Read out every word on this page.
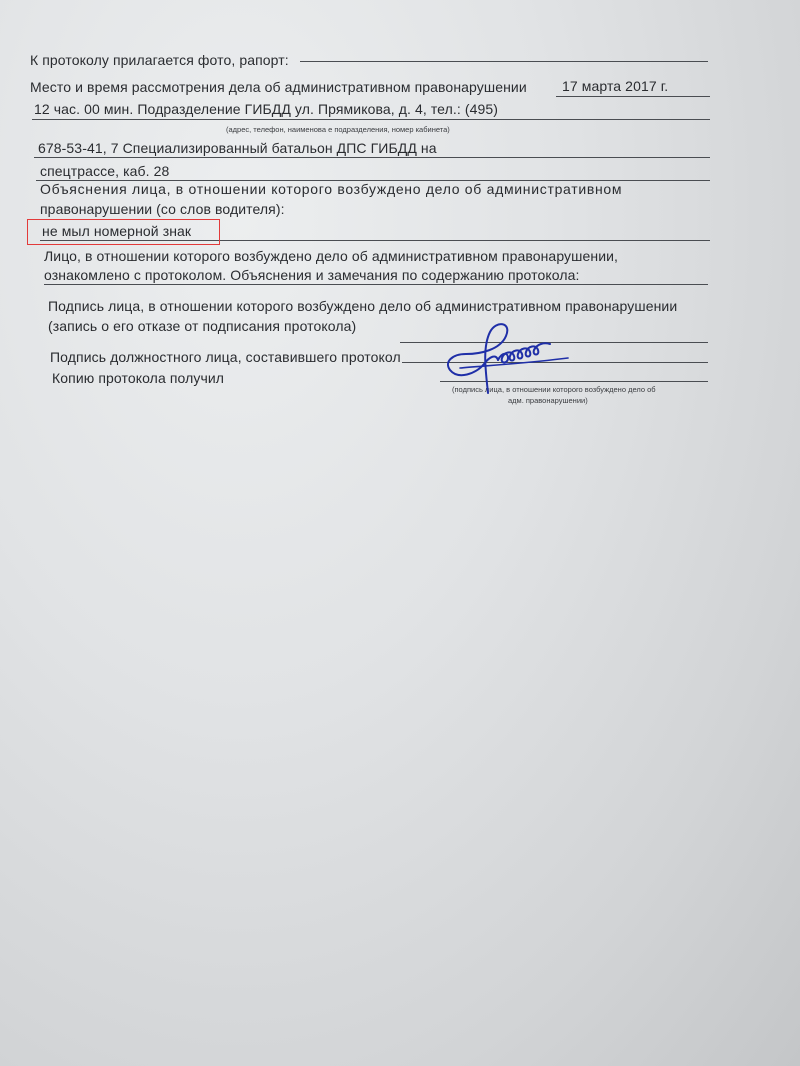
К протоколу прилагается фото, рапорт:
Место и время рассмотрения дела об административном правонарушении	17 марта 2017 г.
12 час. 00 мин. Подразделение ГИБДД ул. Прямикова, д. 4, тел.: (495)
(адрес, телефон, наименова е подразделения, номер кабинета)
678-53-41, 7 Специализированный батальон ДПС ГИБДД на
спецтрассе, каб. 28
Объяснения лица, в отношении которого возбуждено дело об административном
правонарушении (со слов водителя):
не мыл номерной знак
Лицо, в отношении которого возбуждено дело об административном правонарушении,
ознакомлено с протоколом. Объяснения и замечания по содержанию протокола:
Подпись лица, в отношении которого возбуждено дело об административном правонарушении
(запись о его отказе от подписания протокола)
Подпись должностного лица, составившего протокол
Копию протокола получил
(подпись лица, в отношении которого возбуждено дело об
адм. правонарушении)
